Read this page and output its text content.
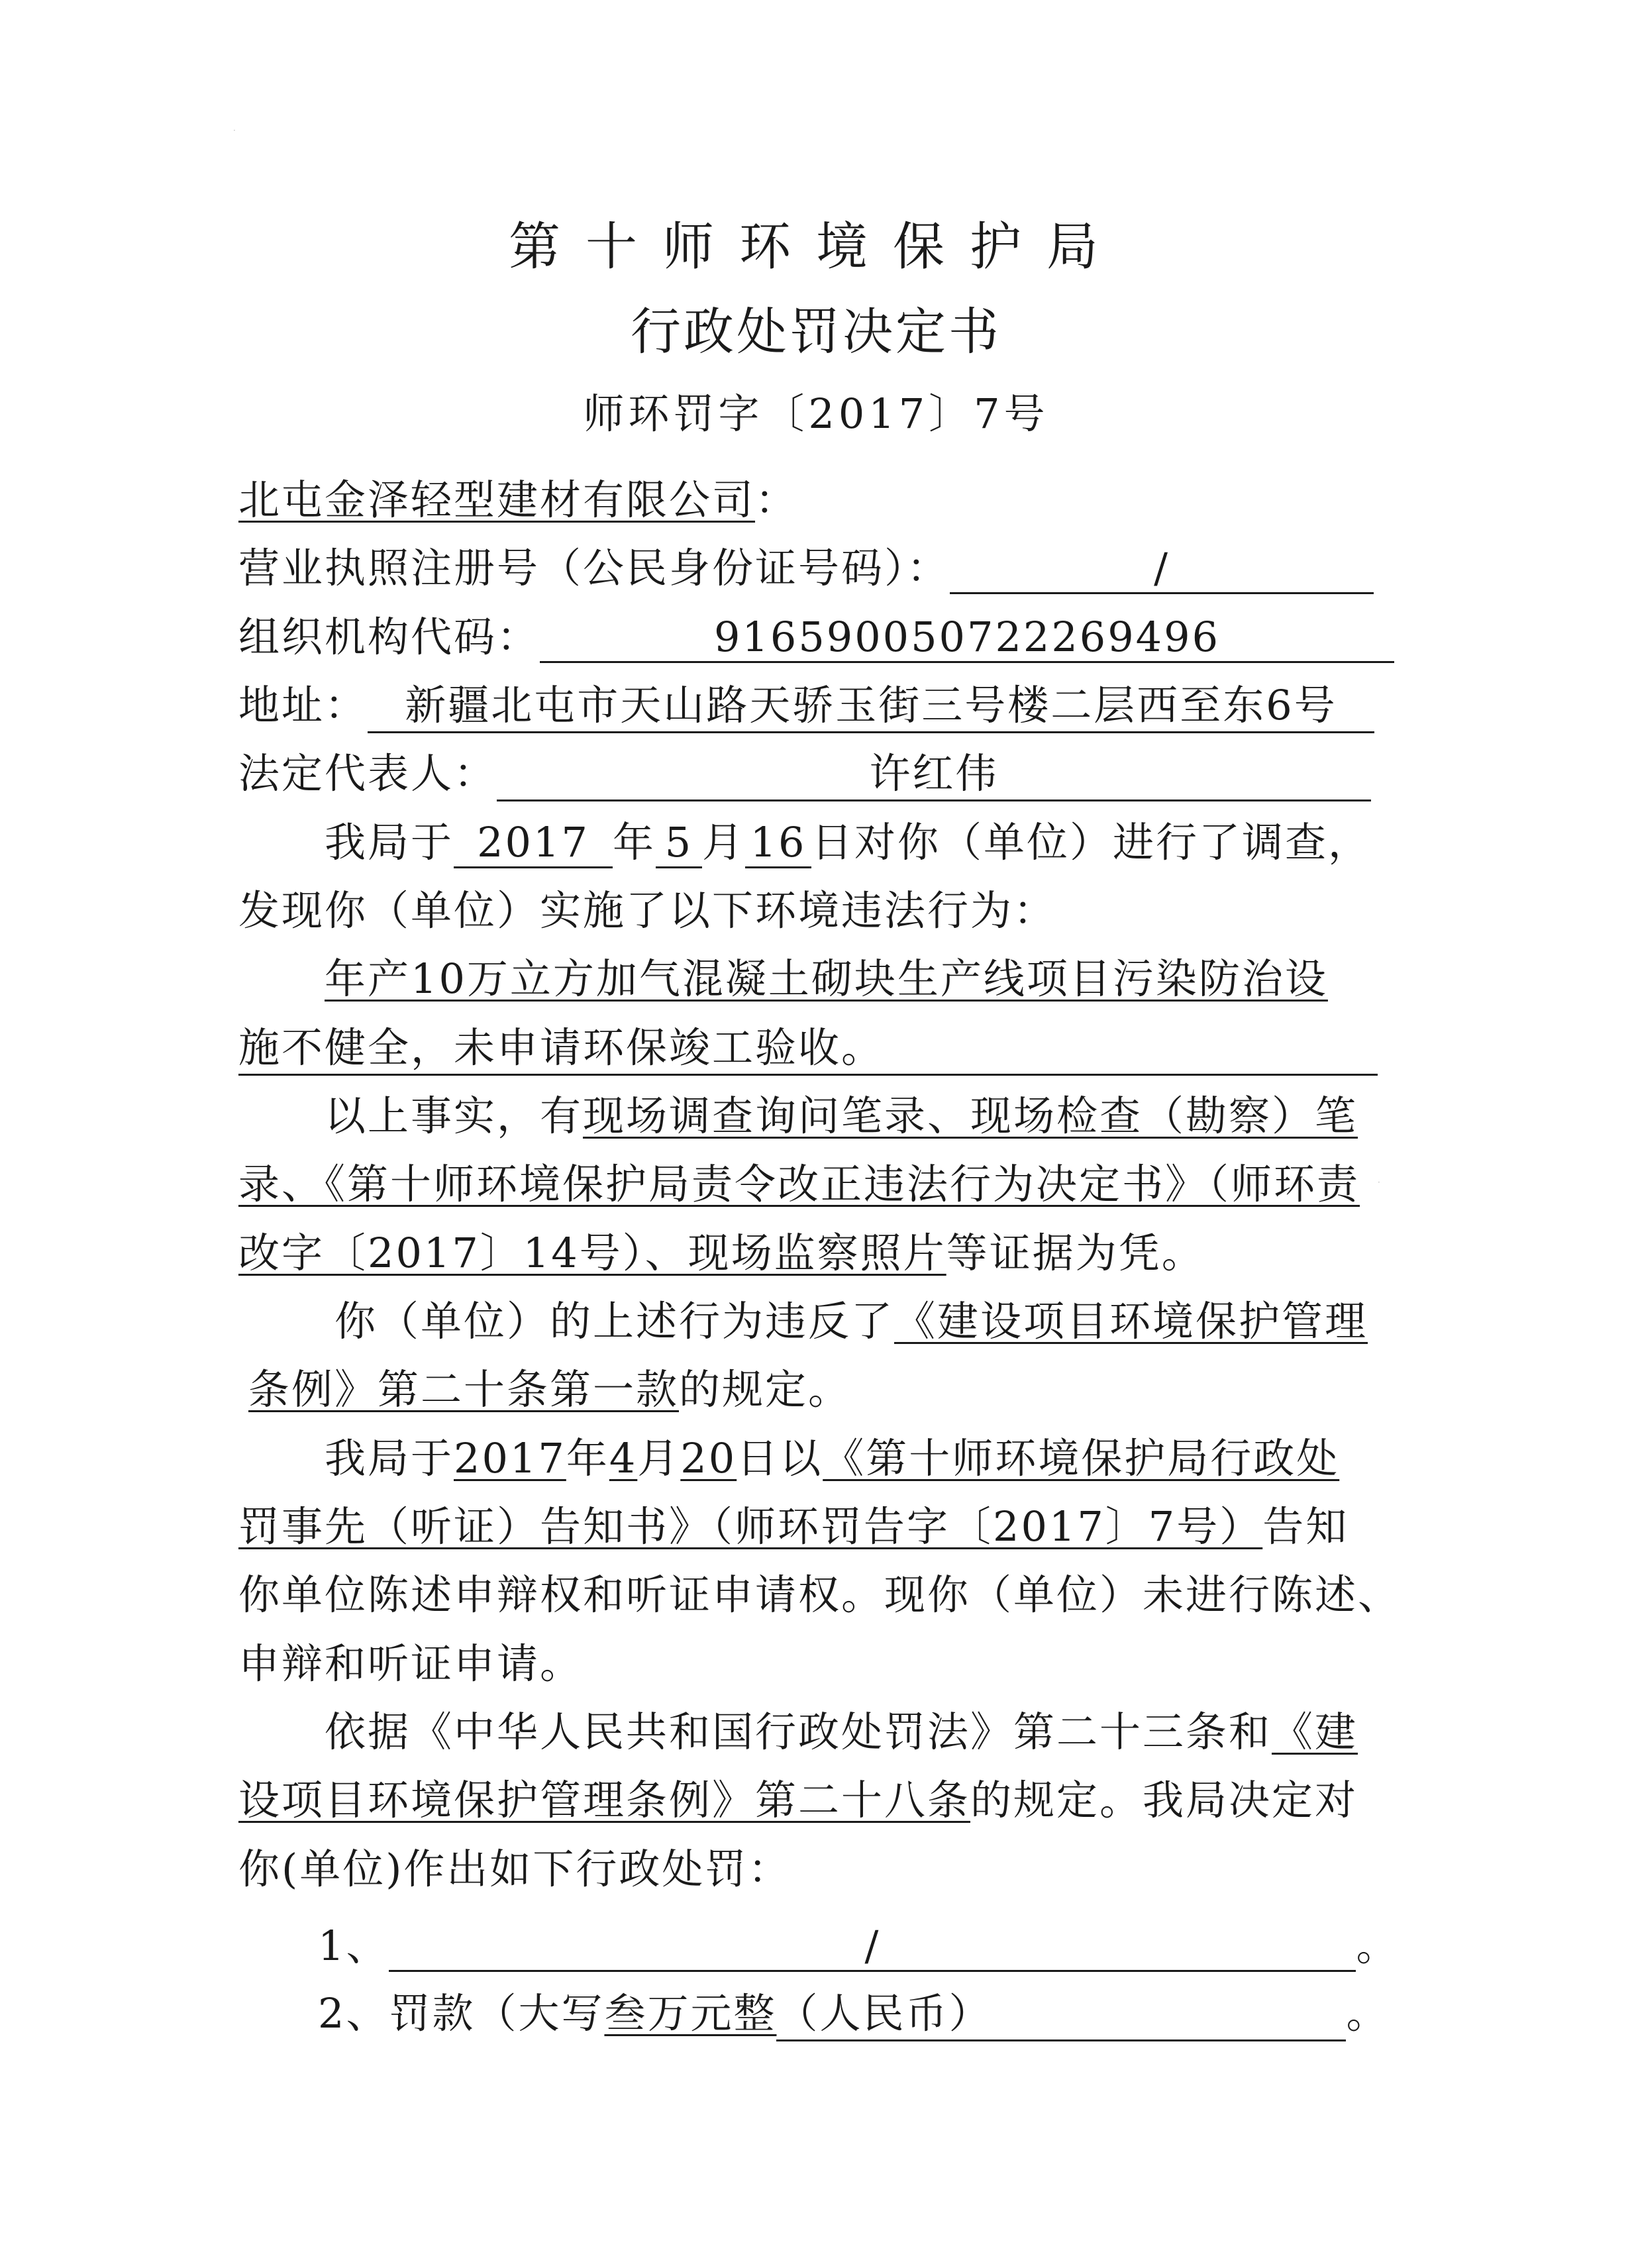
·
·
第十师环境保护局
行政处罚决定书
师环罚字〔2017〕7号
北屯金泽轻型建材有限公司：
营业执照注册号（公民身份证号码）：	/
组织机构代码：	916590050722269496
地址： 新疆北屯市天山路天骄玉街三号楼二层西至东6号
法定代表人：	许红伟
我局于 2017 年 5 月 16 日对你（单位）进行了调查，
发现你（单位）实施了以下环境违法行为：
年产10万立方加气混凝土砌块生产线项目污染防治设
施不健全，未申请环保竣工验收。
以上事实，有现场调查询问笔录、现场检查（勘察）笔
录、《第十师环境保护局责令改正违法行为决定书》（师环责
改字〔2017〕14号）、现场监察照片等证据为凭。
你（单位）的上述行为违反了《建设项目环境保护管理
条例》第二十条第一款的规定。
我局于2017年4月20日以《第十师环境保护局行政处
罚事先（听证）告知书》（师环罚告字〔2017〕7号）告知
你单位陈述申辩权和听证申请权。现你（单位）未进行陈述、
申辩和听证申请。
依据《中华人民共和国行政处罚法》第二十三条和《建
设项目环境保护管理条例》第二十八条的规定。我局决定对
你(单位)作出如下行政处罚：
1、	/	。
2、罚款（大写叁万元整（人民币）	。
